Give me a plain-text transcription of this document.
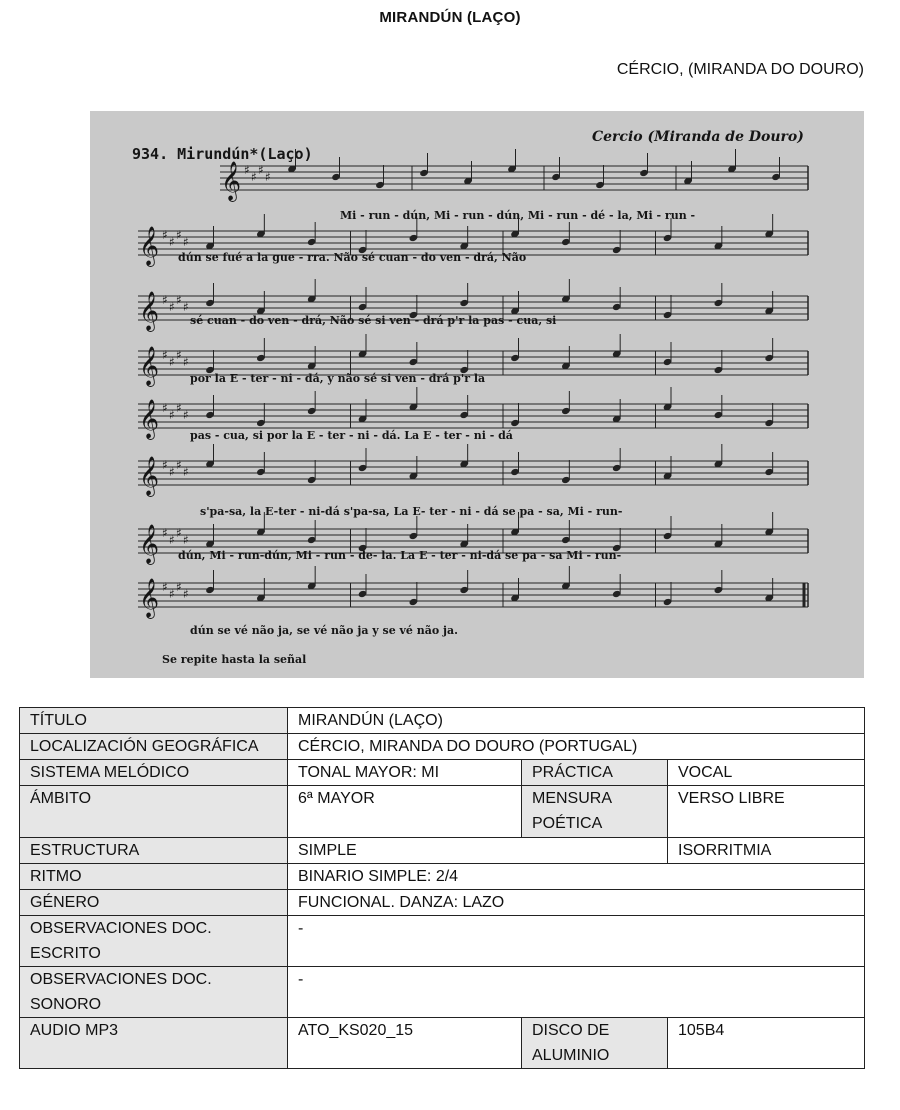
MIRANDÚN (LAÇO)
CÉRCIO, (MIRANDA DO DOURO)
934. Mirundún*(Laço)
Cercio (Miranda de Douro)
𝄞 ♯ ♯ ♯ ♯
𝄞 ♯ ♯ ♯ ♯
𝄞 ♯ ♯ ♯ ♯
𝄞 ♯ ♯ ♯ ♯
𝄞 ♯ ♯ ♯ ♯
𝄞 ♯ ♯ ♯ ♯
𝄞 ♯ ♯ ♯ ♯
𝄞 ♯ ♯ ♯ ♯
Mi - run - dún, Mi - run - dún, Mi - run - dé - la, Mi - run -
dún se fué a la gue - rra. Não sé cuan - do ven - drá, Não
sé cuan - do ven - drá, Não sé si ven - drá p'r la pas - cua, si
por la E - ter - ni - dá, y não sé si ven - drá p'r la
pas - cua, si por la E - ter - ni - dá. La E - ter - ni - dá
s'pa-sa, la E-ter - ni-dá s'pa-sa, La E- ter - ni - dá se pa - sa, Mi - run-
dún, Mi - run-dún, Mi - run - de- la. La E - ter - ni-dá se pa - sa Mi - run-
dún se vé não ja, se vé não ja y se vé não ja.
Se repite hasta la señal
TÍTULO	MIRANDÚN (LAÇO)		
LOCALIZACIÓN GEOGRÁFICA	CÉRCIO, MIRANDA DO DOURO (PORTUGAL)		
SISTEMA MELÓDICO	TONAL MAYOR: MI	PRÁCTICA	VOCAL
ÁMBITO	6ª MAYOR	MENSURA POÉTICA	VERSO LIBRE
ESTRUCTURA	SIMPLE		ISORRITMIA
RITMO	BINARIO SIMPLE: 2/4		
GÉNERO	FUNCIONAL. DANZA: LAZO		
OBSERVACIONES DOC. ESCRITO	-		
OBSERVACIONES DOC. SONORO	-		
AUDIO MP3	ATO_KS020_15	DISCO DE ALUMINIO	105B4
